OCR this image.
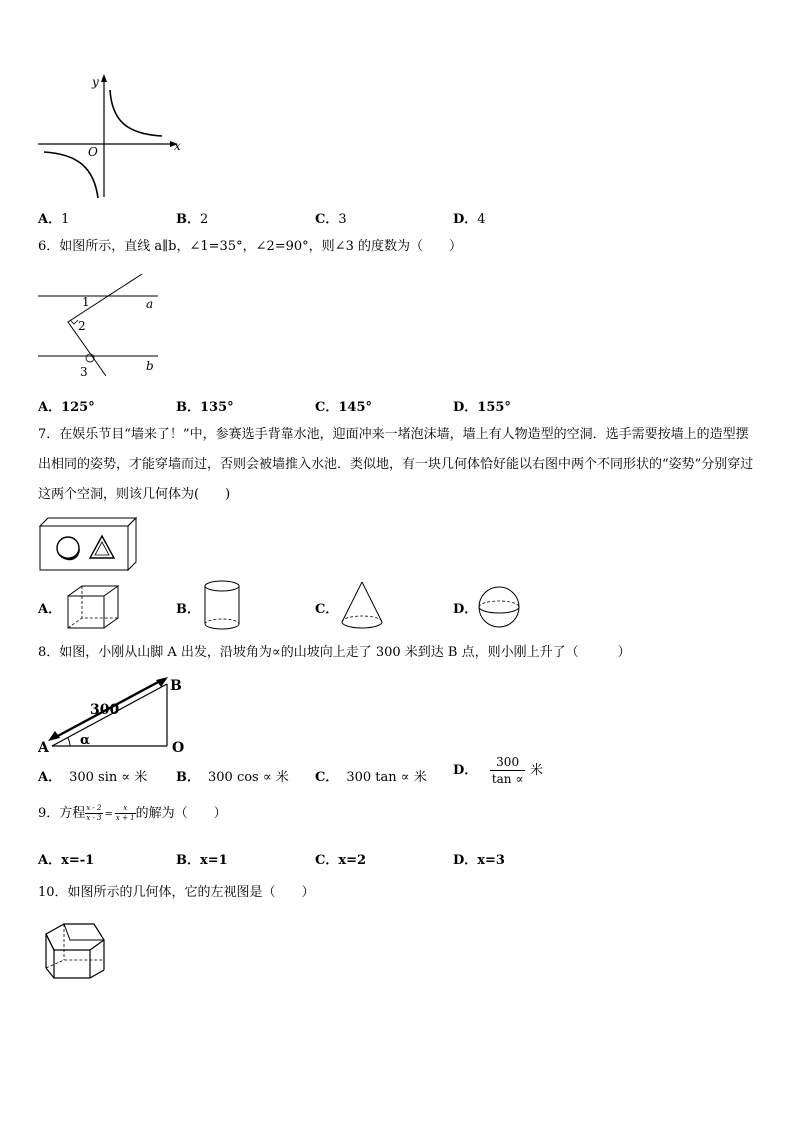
y
x
O
A．1	B．2	C．3	D．4
6．如图所示，直线 a∥b，∠1=35°，∠2=90°，则∠3 的度数为（　　）
1
2
3
a
b
A．125°	B．135°	C．145°	D．155°
7．在娱乐节目“墙来了！”中，参赛选手背靠水池，迎面冲来一堵泡沫墙，墙上有人物造型的空洞．选手需要按墙上的造型摆出相同的姿势，才能穿墙而过，否则会被墙推入水池．类似地，有一块几何体恰好能以右图中两个不同形状的“姿势”分别穿过这两个空洞，则该几何体为(　　)
A．	B．	C．	D．
8．如图，小刚从山脚 A 出发，沿坡角为∝的山坡向上走了 300 米到达 B 点，则小刚上升了（　　　）
300
A
B
O
α
A． 300 sin ∝ 米 B． 300 cos ∝ 米 C． 300 tan ∝ 米 D． $\frac{300}{\tan \propto}$ 米
9．方程 $\frac{x - 2}{x - 3} = \frac{x}{x + 1}$ 的解为（　　）
A．x=-1	B．x=1	C．x=2	D．x=3
10．如图所示的几何体，它的左视图是（　　）
